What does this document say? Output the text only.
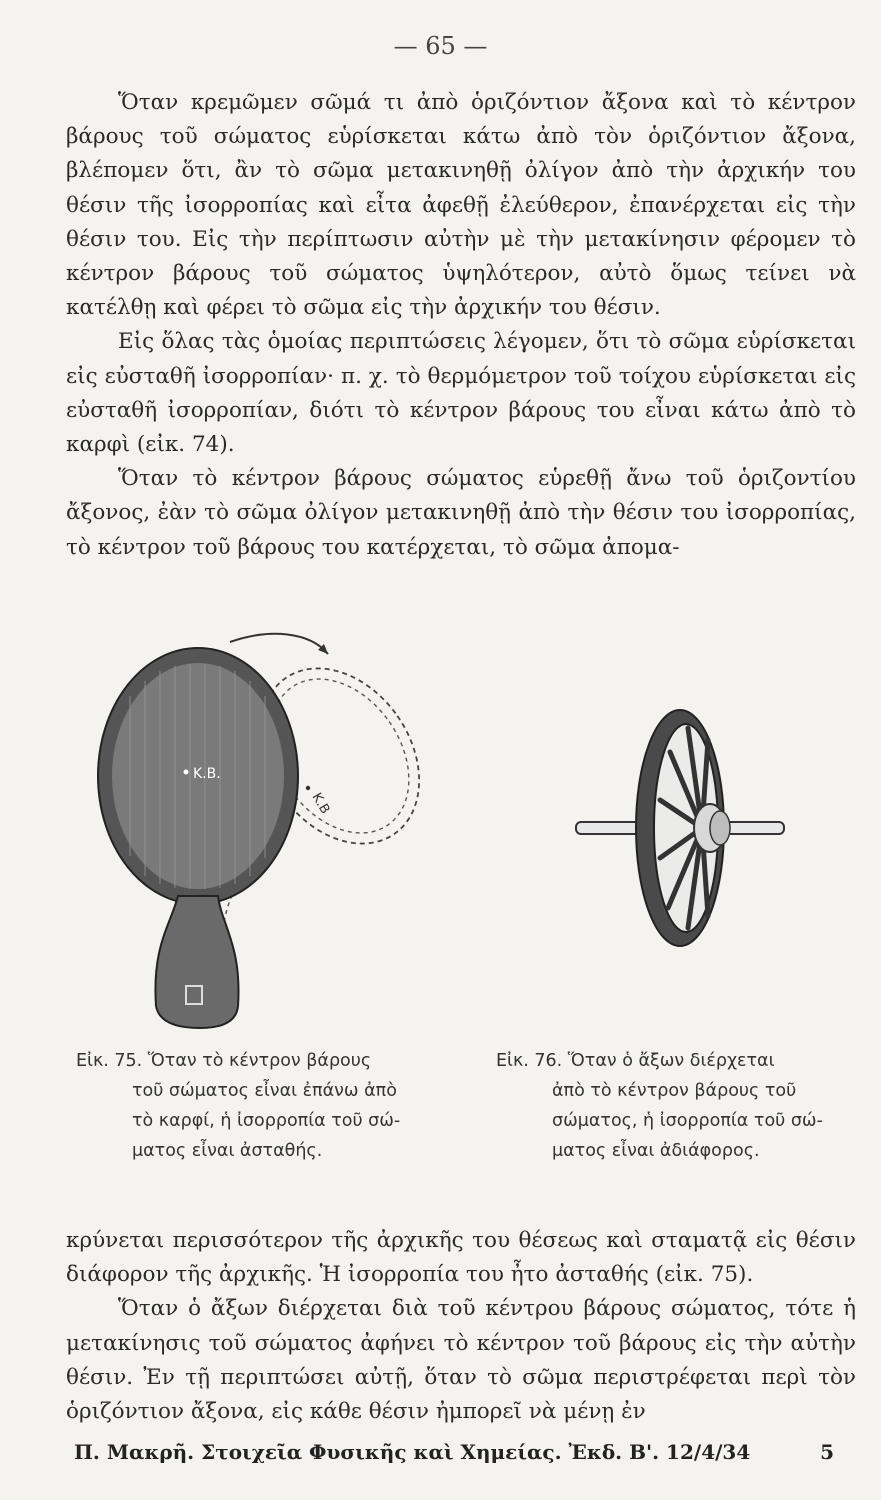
— 65 —

Ὅταν κρεμῶμεν σῶμά τι ἀπὸ ὁριζόντιον ἄξονα καὶ τὸ κέντρον βάρους τοῦ σώματος εὑρίσκεται κάτω ἀπὸ τὸν ὁριζόντιον ἄξονα, βλέπομεν ὅτι, ἂν τὸ σῶμα μετακινηθῇ ὀλίγον ἀπὸ τὴν ἀρχικήν του θέσιν τῆς ἰσορροπίας καὶ εἶτα ἀφεθῇ ἐλεύθερον, ἐπανέρχεται εἰς τὴν θέσιν του. Εἰς τὴν περίπτωσιν αὐτὴν μὲ τὴν μετακίνησιν φέρομεν τὸ κέντρον βάρους τοῦ σώματος ὑψηλότερον, αὐτὸ ὅμως τείνει νὰ κατέλθῃ καὶ φέρει τὸ σῶμα εἰς τὴν ἀρχικήν του θέσιν.

Εἰς ὅλας τὰς ὁμοίας περιπτώσεις λέγομεν, ὅτι τὸ σῶμα εὑρίσκεται εἰς εὐσταθῆ ἰσορροπίαν· π. χ. τὸ θερμόμετρον τοῦ τοίχου εὑρίσκεται εἰς εὐσταθῆ ἰσορροπίαν, διότι τὸ κέντρον βάρους του εἶναι κάτω ἀπὸ τὸ καρφὶ (εἰκ. 74).

Ὅταν τὸ κέντρον βάρους σώματος εὑρεθῇ ἄνω τοῦ ὁριζοντίου ἄξονος, ἐὰν τὸ σῶμα ὀλίγον μετακινηθῇ ἀπὸ τὴν θέσιν του ἰσορροπίας, τὸ κέντρον τοῦ βάρους του κατέρχεται, τὸ σῶμα ἀπομα-

K.B.
K.B
Εἰκ. 75. Ὅταν τὸ κέντρον βάρους
τοῦ σώματος εἶναι ἐπάνω ἀπὸ
τὸ καρφί, ἡ ἰσορροπία τοῦ σώ-
ματος εἶναι ἀσταθής.
Εἰκ. 76. Ὅταν ὁ ἄξων διέρχεται
ἀπὸ τὸ κέντρον βάρους τοῦ
σώματος, ἡ ἰσορροπία τοῦ σώ-
ματος εἶναι ἀδιάφορος.

κρύνεται περισσότερον τῆς ἀρχικῆς του θέσεως καὶ σταματᾷ εἰς θέσιν διάφορον τῆς ἀρχικῆς. Ἡ ἰσορροπία του ἦτο ἀσταθής (εἰκ. 75).

Ὅταν ὁ ἄξων διέρχεται διὰ τοῦ κέντρου βάρους σώματος, τότε ἡ μετακίνησις τοῦ σώματος ἀφήνει τὸ κέντρον τοῦ βάρους εἰς τὴν αὐτὴν θέσιν. Ἐν τῇ περιπτώσει αὐτῇ, ὅταν τὸ σῶμα περιστρέφεται περὶ τὸν ὁριζόντιον ἄξονα, εἰς κάθε θέσιν ἠμπορεῖ νὰ μένῃ ἐν

Π. Μακρῆ. Στοιχεῖα Φυσικῆς καὶ Χημείας. Ἐκδ. Β'. 12/4/34	5
